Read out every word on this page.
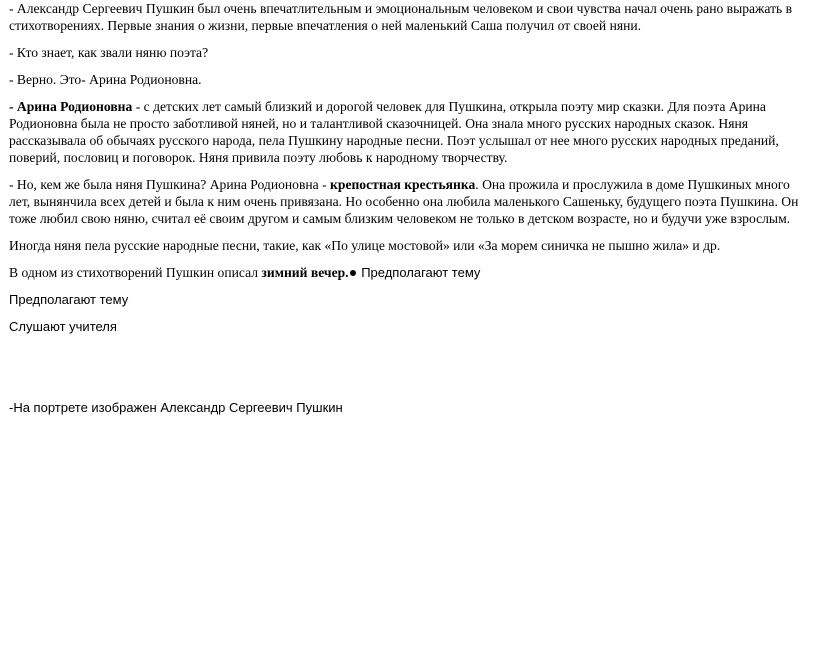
- Александр Сергеевич Пушкин был очень впечатлительным и эмоциональным человеком и свои чувства начал очень рано выражать в стихотворениях. Первые знания о жизни, первые впечатления о ней маленький Саша получил от своей няни.

- Кто знает, как звали няню поэта?

- Верно. Это- Арина Родионовна.

- Арина Родионовна - с детских лет самый близкий и дорогой человек для Пушкина, открыла поэту мир сказки. Для поэта Арина Родионовна была не просто заботливой няней, но и талантливой сказочницей. Она знала много русских народных сказок. Няня рассказывала об обычаях русского народа, пела Пушкину народные песни. Поэт услышал от нее много русских народных преданий, поверий, пословиц и поговорок. Няня привила поэту любовь к народному творчеству.

- Но, кем же была няня Пушкина? Арина Родионовна - крепостная крестьянка. Она прожила и прослужила в доме Пушкиных много лет, вынянчила всех детей и была к ним очень привязана. Но особенно она любила маленького Сашеньку, будущего поэта Пушкина. Он тоже любил свою няню, считал её своим другом и самым близким человеком не только в детском возрасте, но и будучи уже взрослым.

Иногда няня пела русские народные песни, такие, как «По улице мостовой» или «За морем синичка не пышно жила» и др.

В одном из стихотворений Пушкин описал зимний вечер. Предполагают тему

Предполагают тему

Слушают учителя

-На портрете изображен Александр Сергеевич Пушкин
